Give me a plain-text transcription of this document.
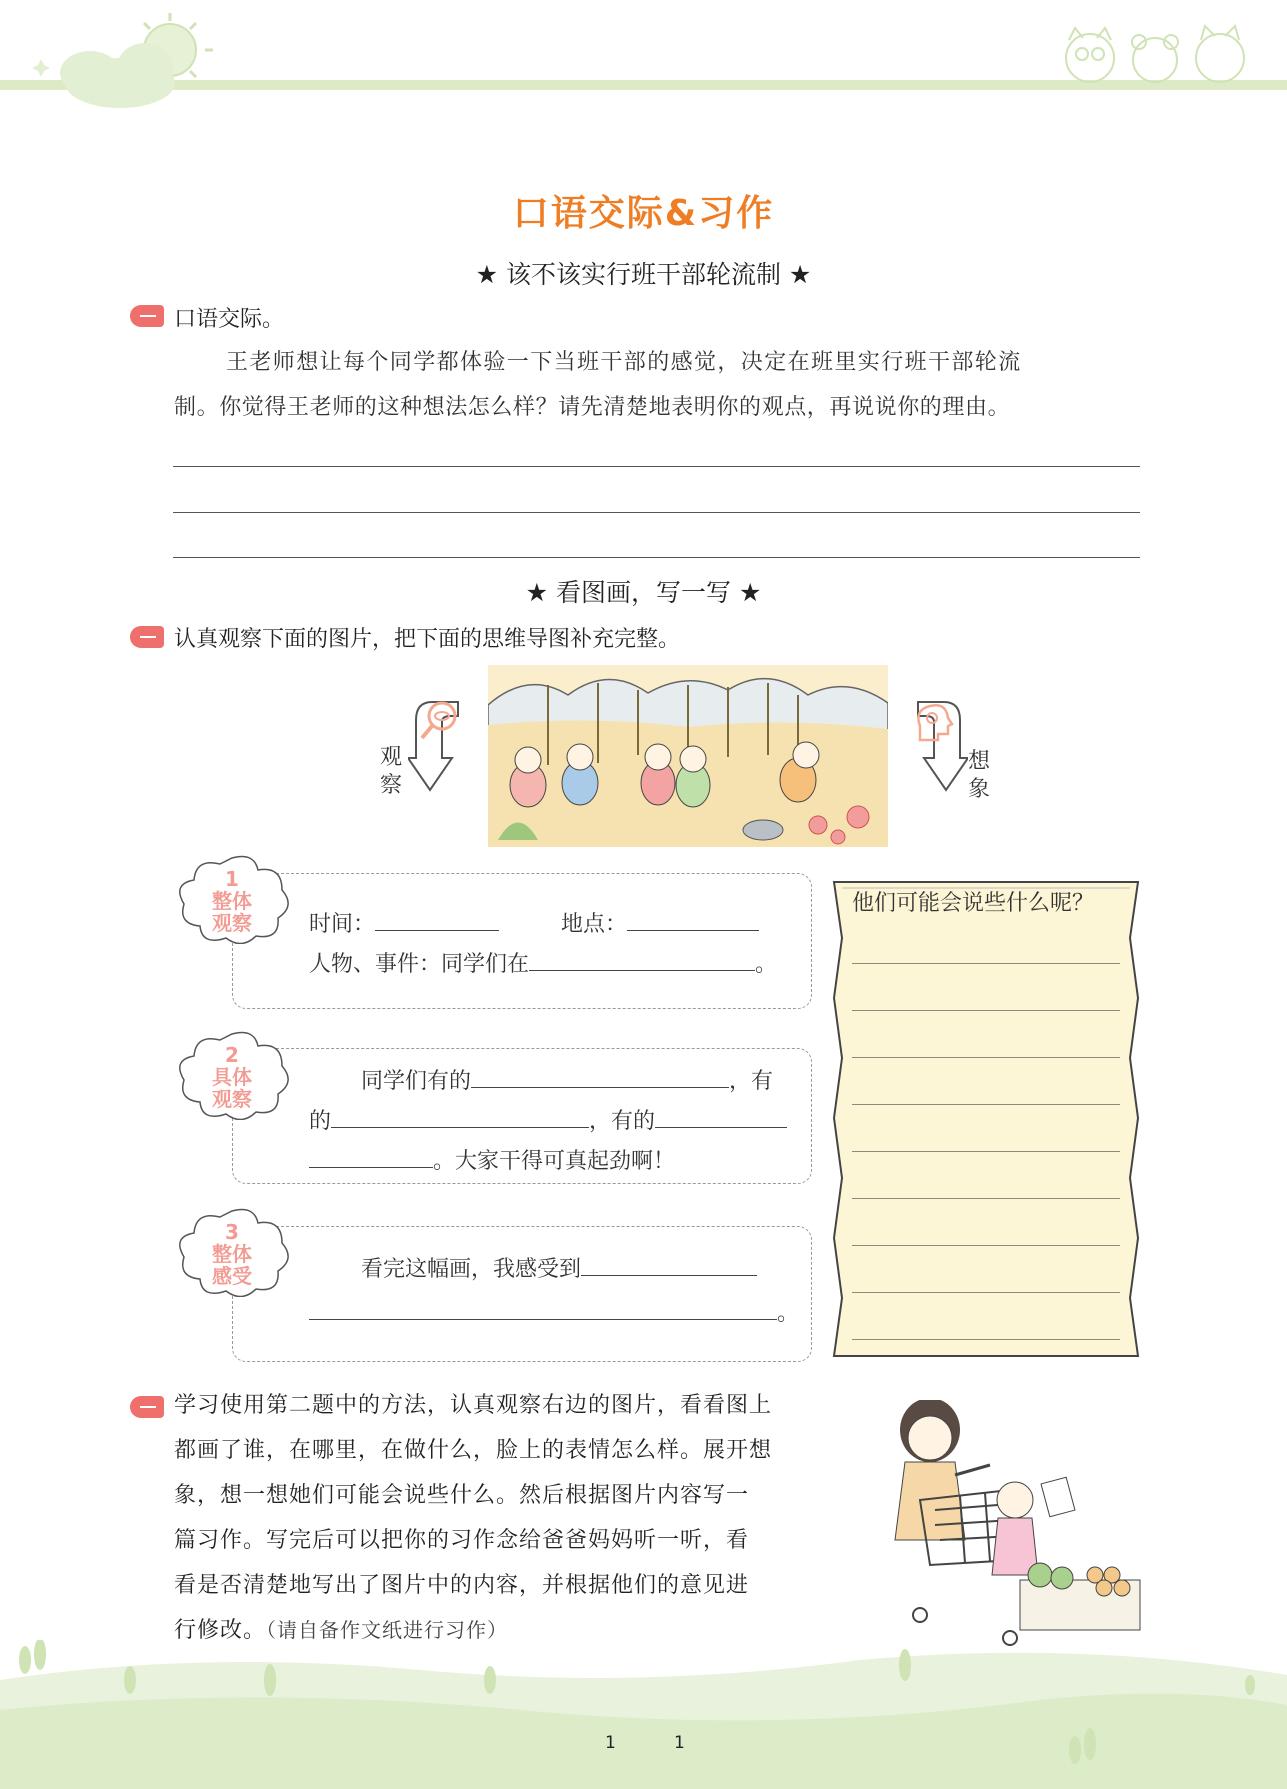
口语交际&习作
★ 该不该实行班干部轮流制 ★
口语交际。
王老师想让每个同学都体验一下当班干部的感觉，决定在班里实行班干部轮流
制。你觉得王老师的这种想法怎么样？请先清楚地表明你的观点，再说说你的理由。
★ 看图画，写一写 ★
认真观察下面的图片，把下面的思维导图补充完整。
观
察
想
象
时间：	地点：
人物、事件：同学们在	。
1
整体
观察
同学们有的	，有
的	，有的
。大家干得可真起劲啊！
2
具体
观察
看完这幅画，我感受到
。
3
整体
感受
他们可能会说些什么呢？
学习使用第二题中的方法，认真观察右边的图片，看看图上
都画了谁，在哪里，在做什么，脸上的表情怎么样。展开想
象，想一想她们可能会说些什么。然后根据图片内容写一
篇习作。写完后可以把你的习作念给爸爸妈妈听一听，看
看是否清楚地写出了图片中的内容，并根据他们的意见进
行修改。（请自备作文纸进行习作）
1	1
